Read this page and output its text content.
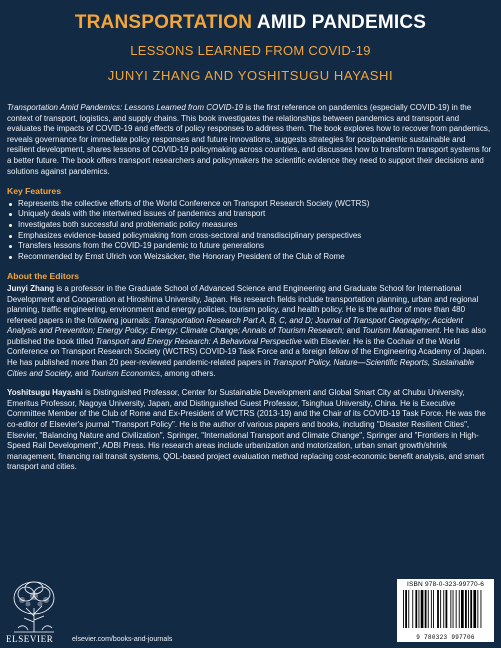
TRANSPORTATION AMID PANDEMICS
LESSONS LEARNED FROM COVID-19
JUNYI ZHANG AND YOSHITSUGU HAYASHI

Transportation Amid Pandemics: Lessons Learned from COVID-19 is the first reference on pandemics (especially COVID-19) in the context of transport, logistics, and supply chains. This book investigates the relationships between pandemics and transport and evaluates the impacts of COVID-19 and effects of policy responses to address them. The book explores how to recover from pandemics, reveals governance for immediate policy responses and future innovations, suggests strategies for postpandemic sustainable and resilient development, shares lessons of COVID-19 policymaking across countries, and discusses how to transform transport systems for a better future. The book offers transport researchers and policymakers the scientific evidence they need to support their decisions and solutions against pandemics.

Key Features
Represents the collective efforts of the World Conference on Transport Research Society (WCTRS)
Uniquely deals with the intertwined issues of pandemics and transport
Investigates both successful and problematic policy measures
Emphasizes evidence-based policymaking from cross-sectoral and transdisciplinary perspectives
Transfers lessons from the COVID-19 pandemic to future generations
Recommended by Ernst Ulrich von Weizsäcker, the Honorary President of the Club of Rome
About the Editors

Junyi Zhang is a professor in the Graduate School of Advanced Science and Engineering and Graduate School for International Development and Cooperation at Hiroshima University, Japan. His research fields include transportation planning, urban and regional planning, traffic engineering, environment and energy policies, tourism policy, and health policy. He is the author of more than 480 refereed papers in the following journals: Transportation Research Part A, B, C, and D; Journal of Transport Geography; Accident Analysis and Prevention; Energy Policy; Energy; Climate Change; Annals of Tourism Research; and Tourism Management. He has also published the book titled Transport and Energy Research: A Behavioral Perspective with Elsevier. He is the Cochair of the World Conference on Transport Research Society (WCTRS) COVID-19 Task Force and a foreign fellow of the Engineering Academy of Japan. He has published more than 20 peer-reviewed pandemic-related papers in Transport Policy, Nature—Scientific Reports, Sustainable Cities and Society, and Tourism Economics, among others.

Yoshitsugu Hayashi is Distinguished Professor, Center for Sustainable Development and Global Smart City at Chubu University, Emeritus Professor, Nagoya University, Japan, and Distinguished Guest Professor, Tsinghua University, China. He is Executive Committee Member of the Club of Rome and Ex-President of WCTRS (2013-19) and the Chair of its COVID-19 Task Force. He was the co-editor of Elsevier's journal "Transport Policy". He is the author of various papers and books, including "Disaster Resilient Cities", Elsevier, "Balancing Nature and Civilization", Springer, "International Transport and Climate Change", Springer and "Frontiers in High-Speed Rail Development", ADBI Press. His research areas include urbanization and motorization, urban smart growth/shrink management, financing rail transit systems, QOL-based project evaluation method replacing cost-economic benefit analysis, and smart transport and cities.

ELSEVIER	elsevier.com/books-and-journals
ISBN 978-0-323-99770-6
9 780323 997706
